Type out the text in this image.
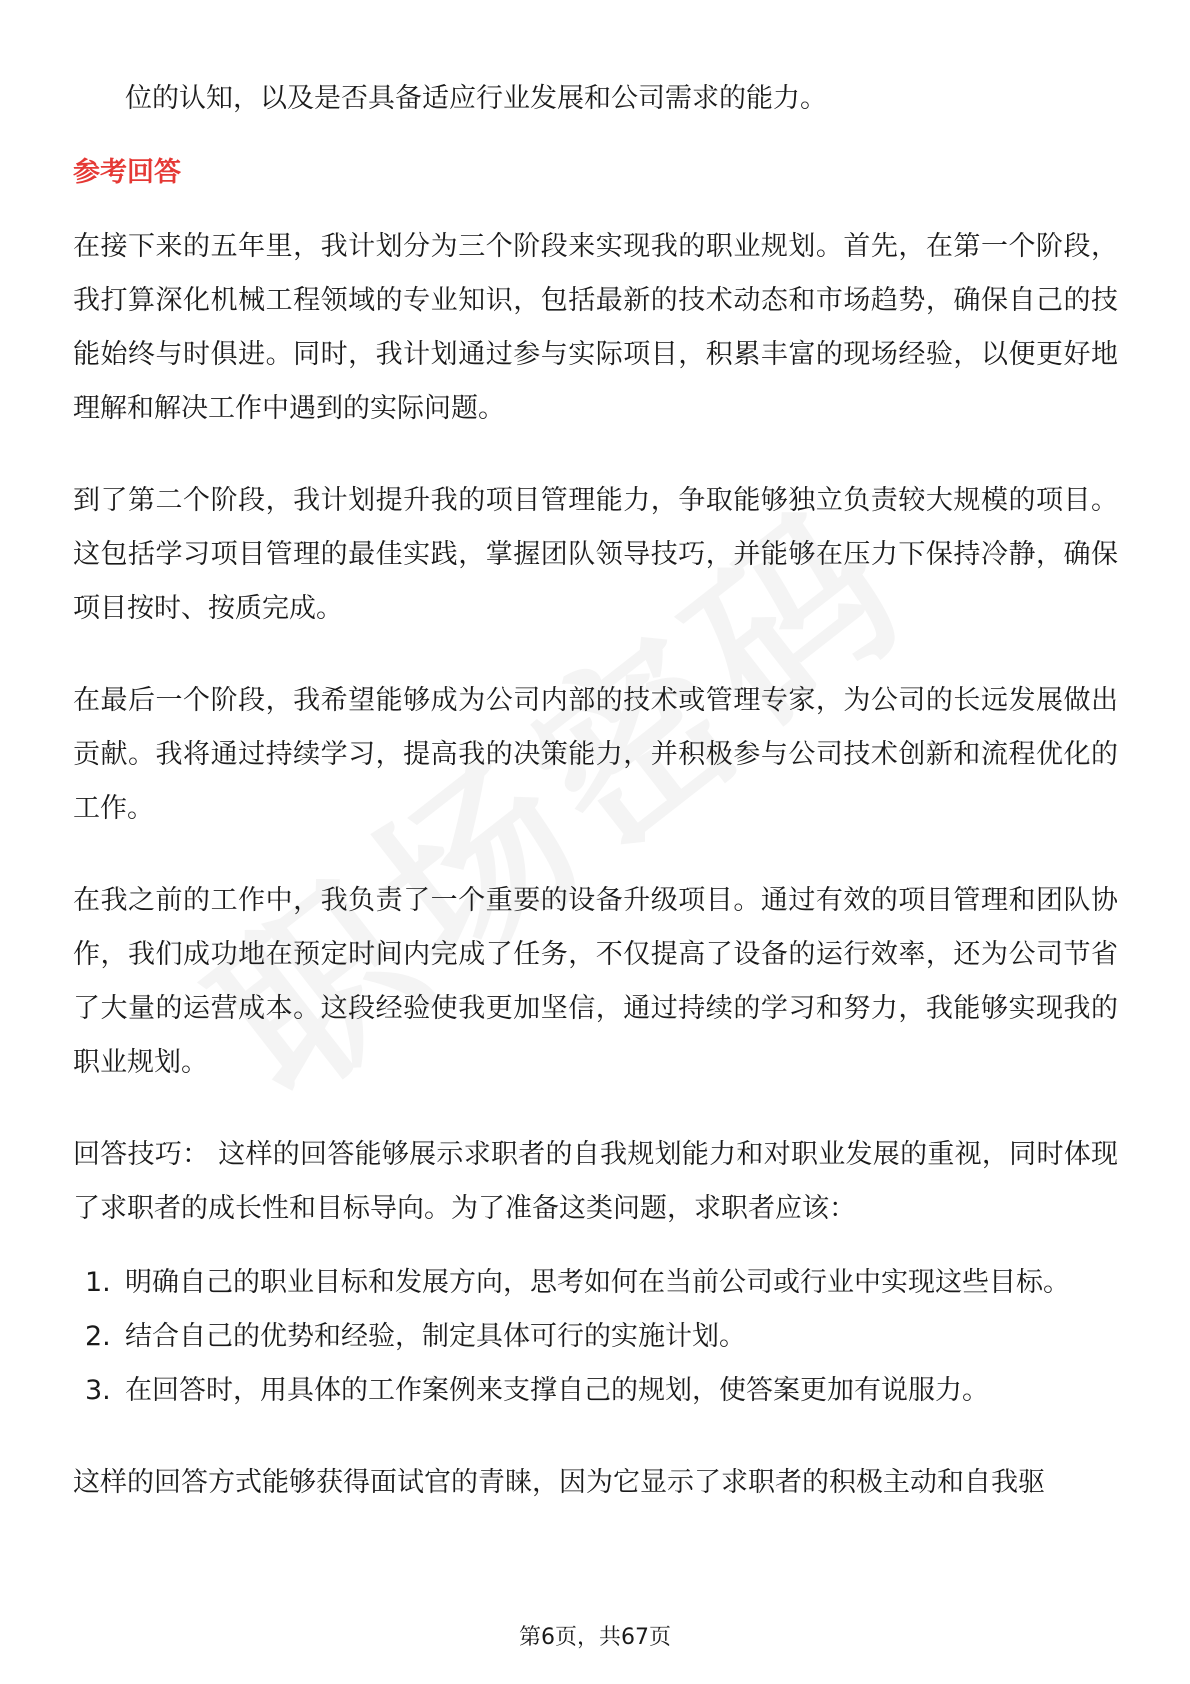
位的认知，以及是否具备适应行业发展和公司需求的能力。

参考回答

在接下来的五年里，我计划分为三个阶段来实现我的职业规划。首先，在第一个阶段，我打算深化机械工程领域的专业知识，包括最新的技术动态和市场趋势，确保自己的技能始终与时俱进。同时，我计划通过参与实际项目，积累丰富的现场经验，以便更好地理解和解决工作中遇到的实际问题。

到了第二个阶段，我计划提升我的项目管理能力，争取能够独立负责较大规模的项目。这包括学习项目管理的最佳实践，掌握团队领导技巧，并能够在压力下保持冷静，确保项目按时、按质完成。

在最后一个阶段，我希望能够成为公司内部的技术或管理专家，为公司的长远发展做出贡献。我将通过持续学习，提高我的决策能力，并积极参与公司技术创新和流程优化的工作。

在我之前的工作中，我负责了一个重要的设备升级项目。通过有效的项目管理和团队协作，我们成功地在预定时间内完成了任务，不仅提高了设备的运行效率，还为公司节省了大量的运营成本。这段经验使我更加坚信，通过持续的学习和努力，我能够实现我的职业规划。

回答技巧： 这样的回答能够展示求职者的自我规划能力和对职业发展的重视，同时体现了求职者的成长性和目标导向。为了准备这类问题，求职者应该：

1. 明确自己的职业目标和发展方向，思考如何在当前公司或行业中实现这些目标。
2. 结合自己的优势和经验，制定具体可行的实施计划。
3. 在回答时，用具体的工作案例来支撑自己的规划，使答案更加有说服力。

这样的回答方式能够获得面试官的青睐，因为它显示了求职者的积极主动和自我驱

第6页，共67页
